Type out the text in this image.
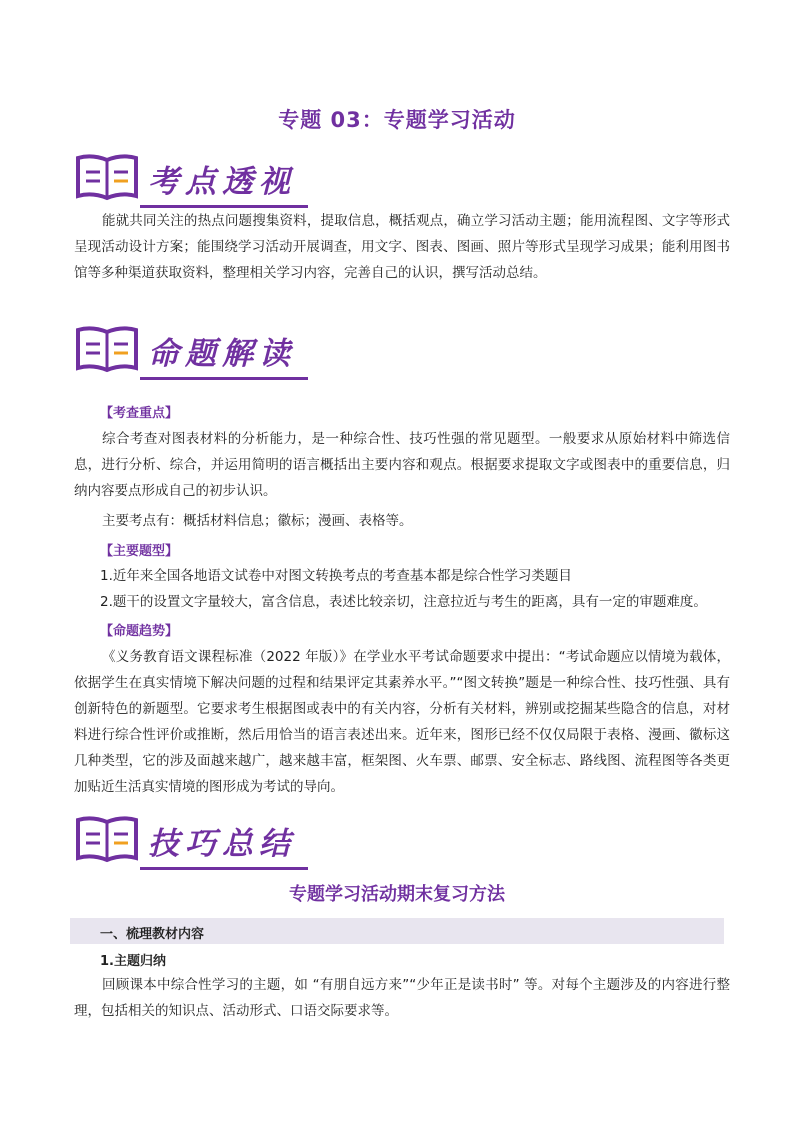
专题 03：专题学习活动
考点透视

能就共同关注的热点问题搜集资料，提取信息，概括观点，确立学习活动主题；能用流程图、文字等形式呈现活动设计方案；能围绕学习活动开展调查，用文字、图表、图画、照片等形式呈现学习成果；能利用图书馆等多种渠道获取资料，整理相关学习内容，完善自己的认识，撰写活动总结。

命题解读

【考查重点】

综合考查对图表材料的分析能力，是一种综合性、技巧性强的常见题型。一般要求从原始材料中筛选信息，进行分析、综合，并运用简明的语言概括出主要内容和观点。根据要求提取文字或图表中的重要信息，归纳内容要点形成自己的初步认识。

主要考点有：概括材料信息；徽标；漫画、表格等。

【主要题型】

1.近年来全国各地语文试卷中对图文转换考点的考查基本都是综合性学习类题目

2.题干的设置文字量较大，富含信息，表述比较亲切，注意拉近与考生的距离，具有一定的审题难度。

【命题趋势】

《义务教育语文课程标准（2022 年版）》在学业水平考试命题要求中提出：“考试命题应以情境为载体，依据学生在真实情境下解决问题的过程和结果评定其素养水平。”“图文转换”题是一种综合性、技巧性强、具有创新特色的新题型。它要求考生根据图或表中的有关内容，分析有关材料，辨别或挖掘某些隐含的信息，对材料进行综合性评价或推断，然后用恰当的语言表述出来。近年来，图形已经不仅仅局限于表格、漫画、徽标这几种类型，它的涉及面越来越广，越来越丰富，框架图、火车票、邮票、安全标志、路线图、流程图等各类更加贴近生活真实情境的图形成为考试的导向。

技巧总结
专题学习活动期末复习方法
一、梳理教材内容

1.主题归纳

回顾课本中综合性学习的主题，如 “有朋自远方来”“少年正是读书时” 等。对每个主题涉及的内容进行整理，包括相关的知识点、活动形式、口语交际要求等。
